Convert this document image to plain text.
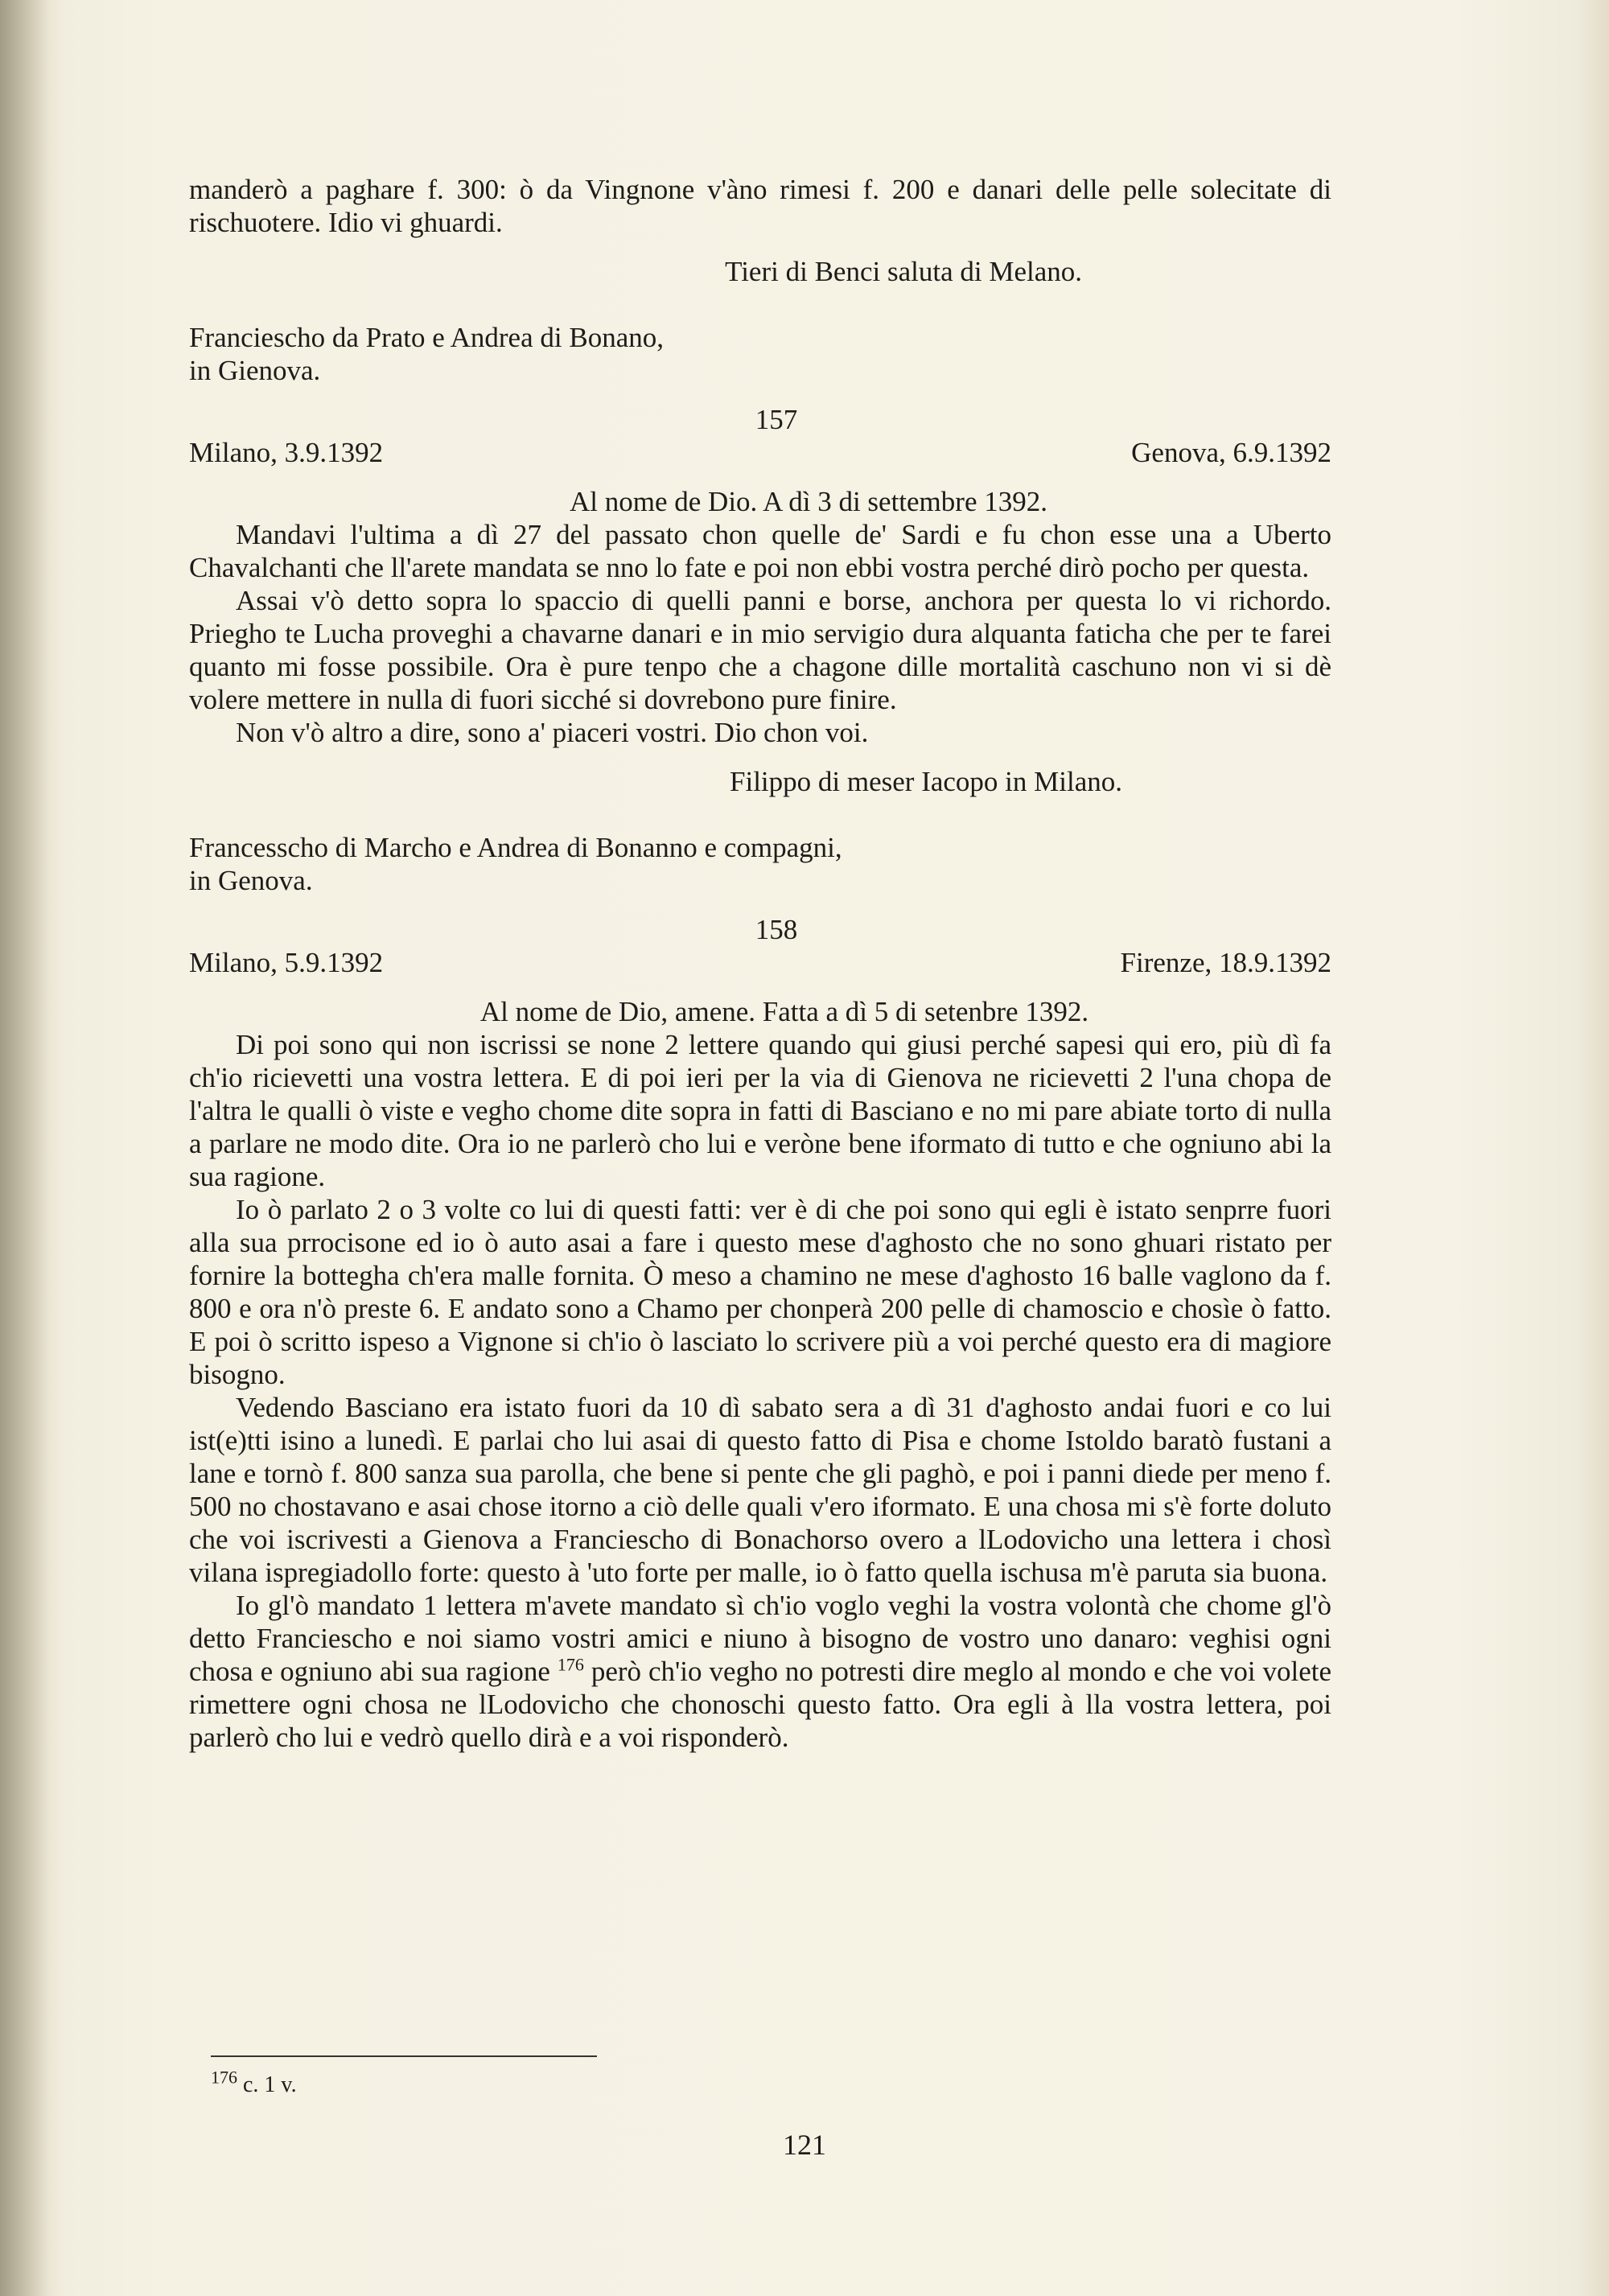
manderò a paghare f. 300: ò da Vingnone v'àno rimesi f. 200 e danari delle pelle solecitate di rischuotere. Idio vi ghuardi.

Tieri di Benci saluta di Melano.

Franciescho da Prato e Andrea di Bonano,

in Gienova.

157

Milano, 3.9.1392	Genova, 6.9.1392

Al nome de Dio. A dì 3 di settembre 1392.

Mandavi l'ultima a dì 27 del passato chon quelle de' Sardi e fu chon esse una a Uberto Chavalchanti che ll'arete mandata se nno lo fate e poi non ebbi vostra perché dirò pocho per questa.

Assai v'ò detto sopra lo spaccio di quelli panni e borse, anchora per questa lo vi richordo. Priegho te Lucha proveghi a chavarne danari e in mio servigio dura alquanta faticha che per te farei quanto mi fosse possibile. Ora è pure tenpo che a chagone dille mortalità caschuno non vi si dè volere mettere in nulla di fuori sicché si dovrebono pure finire.

Non v'ò altro a dire, sono a' piaceri vostri. Dio chon voi.

Filippo di meser Iacopo in Milano.

Francesscho di Marcho e Andrea di Bonanno e compagni,

in Genova.

158

Milano, 5.9.1392	Firenze, 18.9.1392

Al nome de Dio, amene. Fatta a dì 5 di setenbre 1392.

Di poi sono qui non iscrissi se none 2 lettere quando qui giusi perché sapesi qui ero, più dì fa ch'io ricievetti una vostra lettera. E di poi ieri per la via di Gienova ne ricievetti 2 l'una chopa de l'altra le qualli ò viste e vegho chome dite sopra in fatti di Basciano e no mi pare abiate torto di nulla a parlare ne modo dite. Ora io ne parlerò cho lui e veròne bene iformato di tutto e che ogniuno abi la sua ragione.

Io ò parlato 2 o 3 volte co lui di questi fatti: ver è di che poi sono qui egli è istato senprre fuori alla sua prrocisone ed io ò auto asai a fare i questo mese d'aghosto che no sono ghuari ristato per fornire la bottegha ch'era malle fornita. Ò meso a chamino ne mese d'aghosto 16 balle vaglono da f. 800 e ora n'ò preste 6. E andato sono a Chamo per chonperà 200 pelle di chamoscio e chosìe ò fatto. E poi ò scritto ispeso a Vignone si ch'io ò lasciato lo scrivere più a voi perché questo era di magiore bisogno.

Vedendo Basciano era istato fuori da 10 dì sabato sera a dì 31 d'aghosto andai fuori e co lui ist(e)tti isino a lunedì. E parlai cho lui asai di questo fatto di Pisa e chome Istoldo baratò fustani a lane e tornò f. 800 sanza sua parolla, che bene si pente che gli paghò, e poi i panni diede per meno f. 500 no chostavano e asai chose itorno a ciò delle quali v'ero iformato. E una chosa mi s'è forte doluto che voi iscrivesti a Gienova a Franciescho di Bonachorso overo a lLodovicho una lettera i chosì vilana ispregiadollo forte: questo à 'uto forte per malle, io ò fatto quella ischusa m'è paruta sia buona.

Io gl'ò mandato 1 lettera m'avete mandato sì ch'io voglo veghi la vostra volontà che chome gl'ò detto Franciescho e noi siamo vostri amici e niuno à bisogno de vostro uno danaro: veghisi ogni chosa e ogniuno abi sua ragione $^{176}$ però ch'io vegho no potresti dire meglo al mondo e che voi volete rimettere ogni chosa ne lLodovicho che chonoschi questo fatto. Ora egli à lla vostra lettera, poi parlerò cho lui e vedrò quello dirà e a voi risponderò.

$^{176}$ c. 1 v.
121
